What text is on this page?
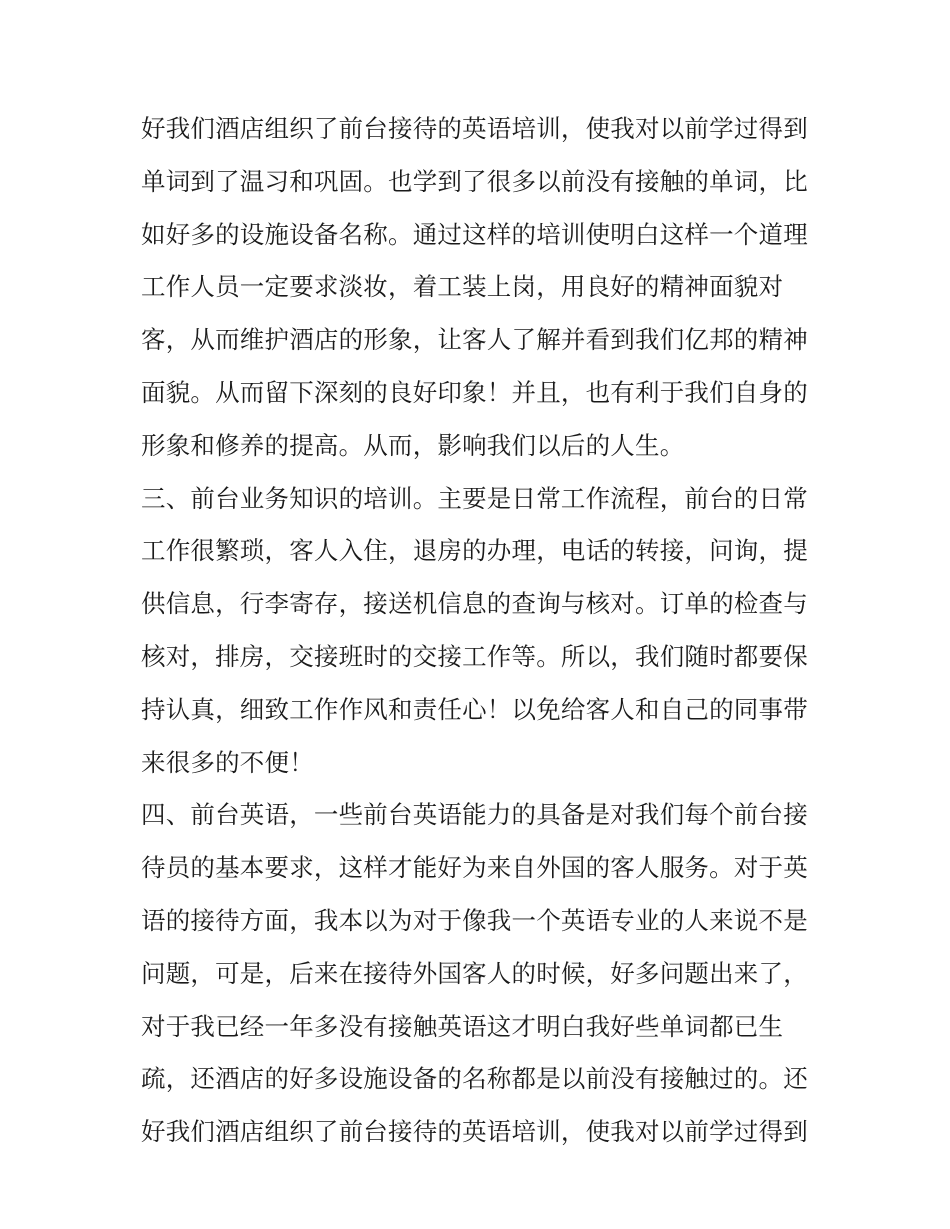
好我们酒店组织了前台接待的英语培训，使我对以前学过得到
单词到了温习和巩固。也学到了很多以前没有接触的单词，比
如好多的设施设备名称。通过这样的培训使明白这样一个道理
工作人员一定要求淡妆，着工装上岗，用良好的精神面貌对
客，从而维护酒店的形象，让客人了解并看到我们亿邦的精神
面貌。从而留下深刻的良好印象！并且，也有利于我们自身的
形象和修养的提高。从而，影响我们以后的人生。
三、前台业务知识的培训。主要是日常工作流程，前台的日常
工作很繁琐，客人入住，退房的办理，电话的转接，问询，提
供信息，行李寄存，接送机信息的查询与核对。订单的检查与
核对，排房，交接班时的交接工作等。所以，我们随时都要保
持认真，细致工作作风和责任心！以免给客人和自己的同事带
来很多的不便！
四、前台英语，一些前台英语能力的具备是对我们每个前台接
待员的基本要求，这样才能好为来自外国的客人服务。对于英
语的接待方面，我本以为对于像我一个英语专业的人来说不是
问题，可是，后来在接待外国客人的时候，好多问题出来了，
对于我已经一年多没有接触英语这才明白我好些单词都已生
疏，还酒店的好多设施设备的名称都是以前没有接触过的。还
好我们酒店组织了前台接待的英语培训，使我对以前学过得到
